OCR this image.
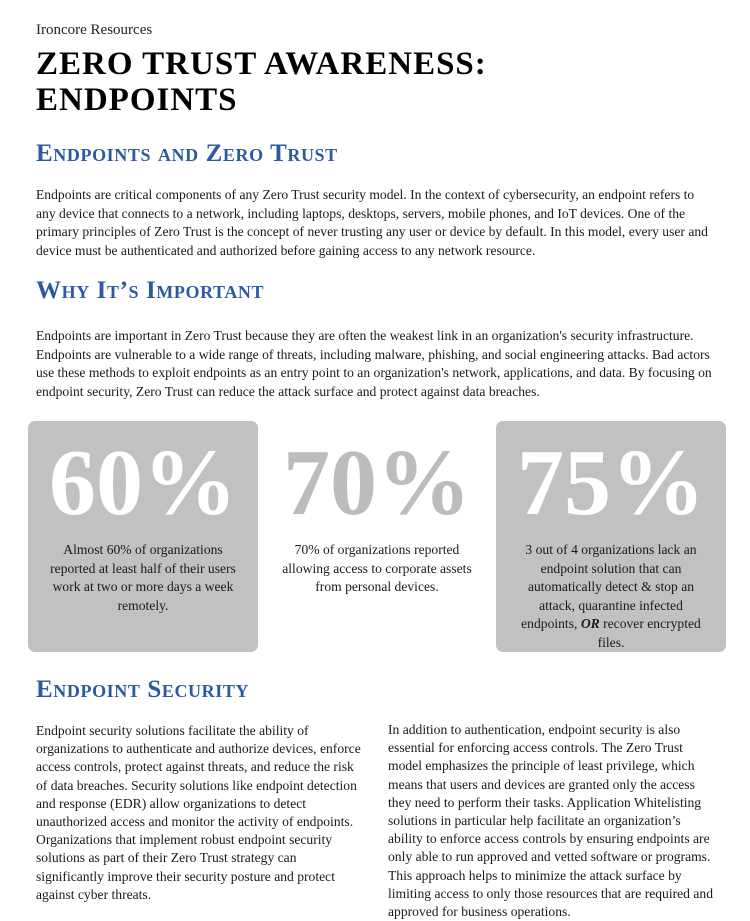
Ironcore Resources
ZERO TRUST AWARENESS:
ENDPOINTS
Endpoints and Zero Trust

Endpoints are critical components of any Zero Trust security model. In the context of cybersecurity, an endpoint refers to any device that connects to a network, including laptops, desktops, servers, mobile phones, and IoT devices. One of the primary principles of Zero Trust is the concept of never trusting any user or device by default. In this model, every user and device must be authenticated and authorized before gaining access to any network resource.

Why It’s Important

Endpoints are important in Zero Trust because they are often the weakest link in an organization's security infrastructure. Endpoints are vulnerable to a wide range of threats, including malware, phishing, and social engineering attacks. Bad actors use these methods to exploit endpoints as an entry point to an organization's network, applications, and data. By focusing on endpoint security, Zero Trust can reduce the attack surface and protect against data breaches.

60%
Almost 60% of organizations reported at least half of their users work at two or more days a week remotely.
70%
70% of organizations reported allowing access to corporate assets from personal devices.
75%
3 out of 4 organizations lack an endpoint solution that can automatically detect & stop an attack, quarantine infected endpoints, OR recover encrypted files.
Endpoint Security

Endpoint security solutions facilitate the ability of organizations to authenticate and authorize devices, enforce access controls, protect against threats, and reduce the risk of data breaches. Security solutions like endpoint detection and response (EDR) allow organizations to detect unauthorized access and monitor the activity of endpoints. Organizations that implement robust endpoint security solutions as part of their Zero Trust strategy can significantly improve their security posture and protect against cyber threats.

In addition to authentication, endpoint security is also essential for enforcing access controls. The Zero Trust model emphasizes the principle of least privilege, which means that users and devices are granted only the access they need to perform their tasks. Application Whitelisting solutions in particular help facilitate an organization’s ability to enforce access controls by ensuring endpoints are only able to run approved and vetted software or programs. This approach helps to minimize the attack surface by limiting access to only those resources that are required and approved for business operations.
